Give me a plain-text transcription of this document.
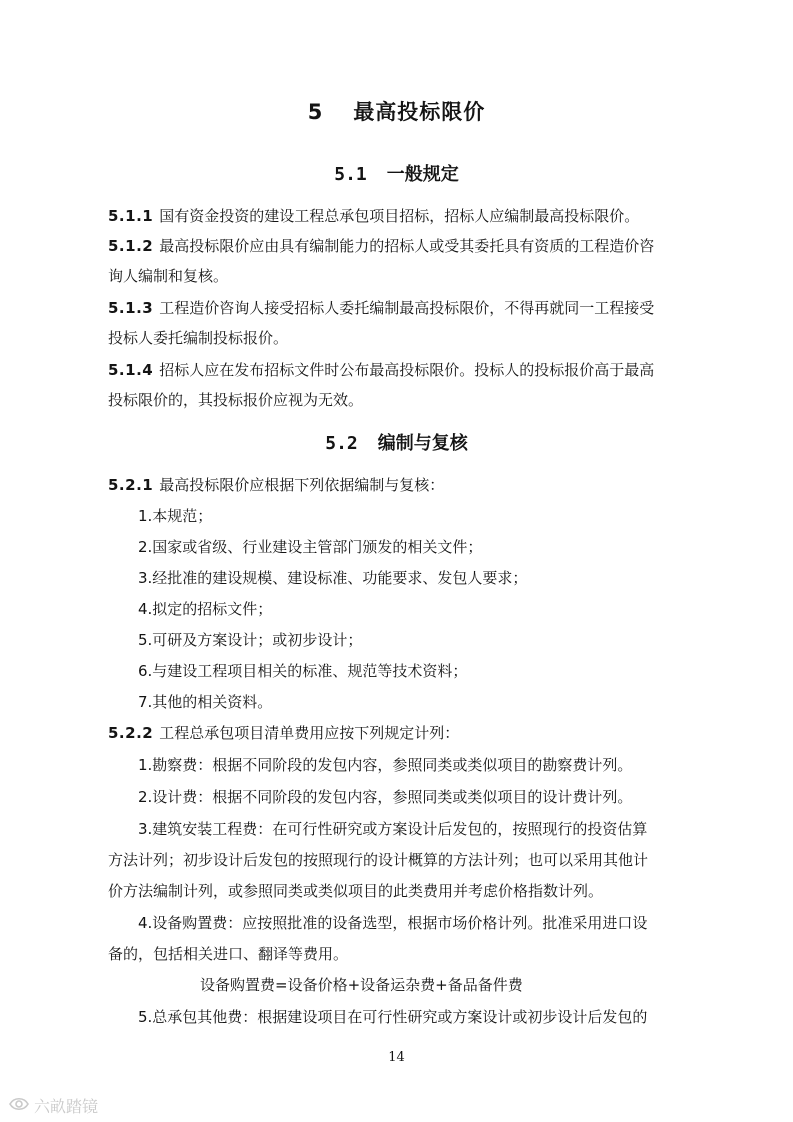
5 最高投标限价
5.1 一般规定
5.1.1 国有资金投资的建设工程总承包项目招标，招标人应编制最高投标限价。
5.1.2 最高投标限价应由具有编制能力的招标人或受其委托具有资质的工程造价咨
询人编制和复核。
5.1.3 工程造价咨询人接受招标人委托编制最高投标限价，不得再就同一工程接受
投标人委托编制投标报价。
5.1.4 招标人应在发布招标文件时公布最高投标限价。投标人的投标报价高于最高
投标限价的，其投标报价应视为无效。
5.2 编制与复核
5.2.1 最高投标限价应根据下列依据编制与复核：
1.本规范；
2.国家或省级、行业建设主管部门颁发的相关文件；
3.经批准的建设规模、建设标准、功能要求、发包人要求；
4.拟定的招标文件；
5.可研及方案设计；或初步设计；
6.与建设工程项目相关的标准、规范等技术资料；
7.其他的相关资料。
5.2.2 工程总承包项目清单费用应按下列规定计列：
1.勘察费：根据不同阶段的发包内容，参照同类或类似项目的勘察费计列。
2.设计费：根据不同阶段的发包内容，参照同类或类似项目的设计费计列。
3.建筑安装工程费：在可行性研究或方案设计后发包的，按照现行的投资估算
方法计列；初步设计后发包的按照现行的设计概算的方法计列；也可以采用其他计
价方法编制计列，或参照同类或类似项目的此类费用并考虑价格指数计列。
4.设备购置费：应按照批准的设备选型，根据市场价格计列。批准采用进口设
备的，包括相关进口、翻译等费用。
设备购置费=设备价格+设备运杂费+备品备件费
5.总承包其他费：根据建设项目在可行性研究或方案设计或初步设计后发包的
14
六畝踏镜
